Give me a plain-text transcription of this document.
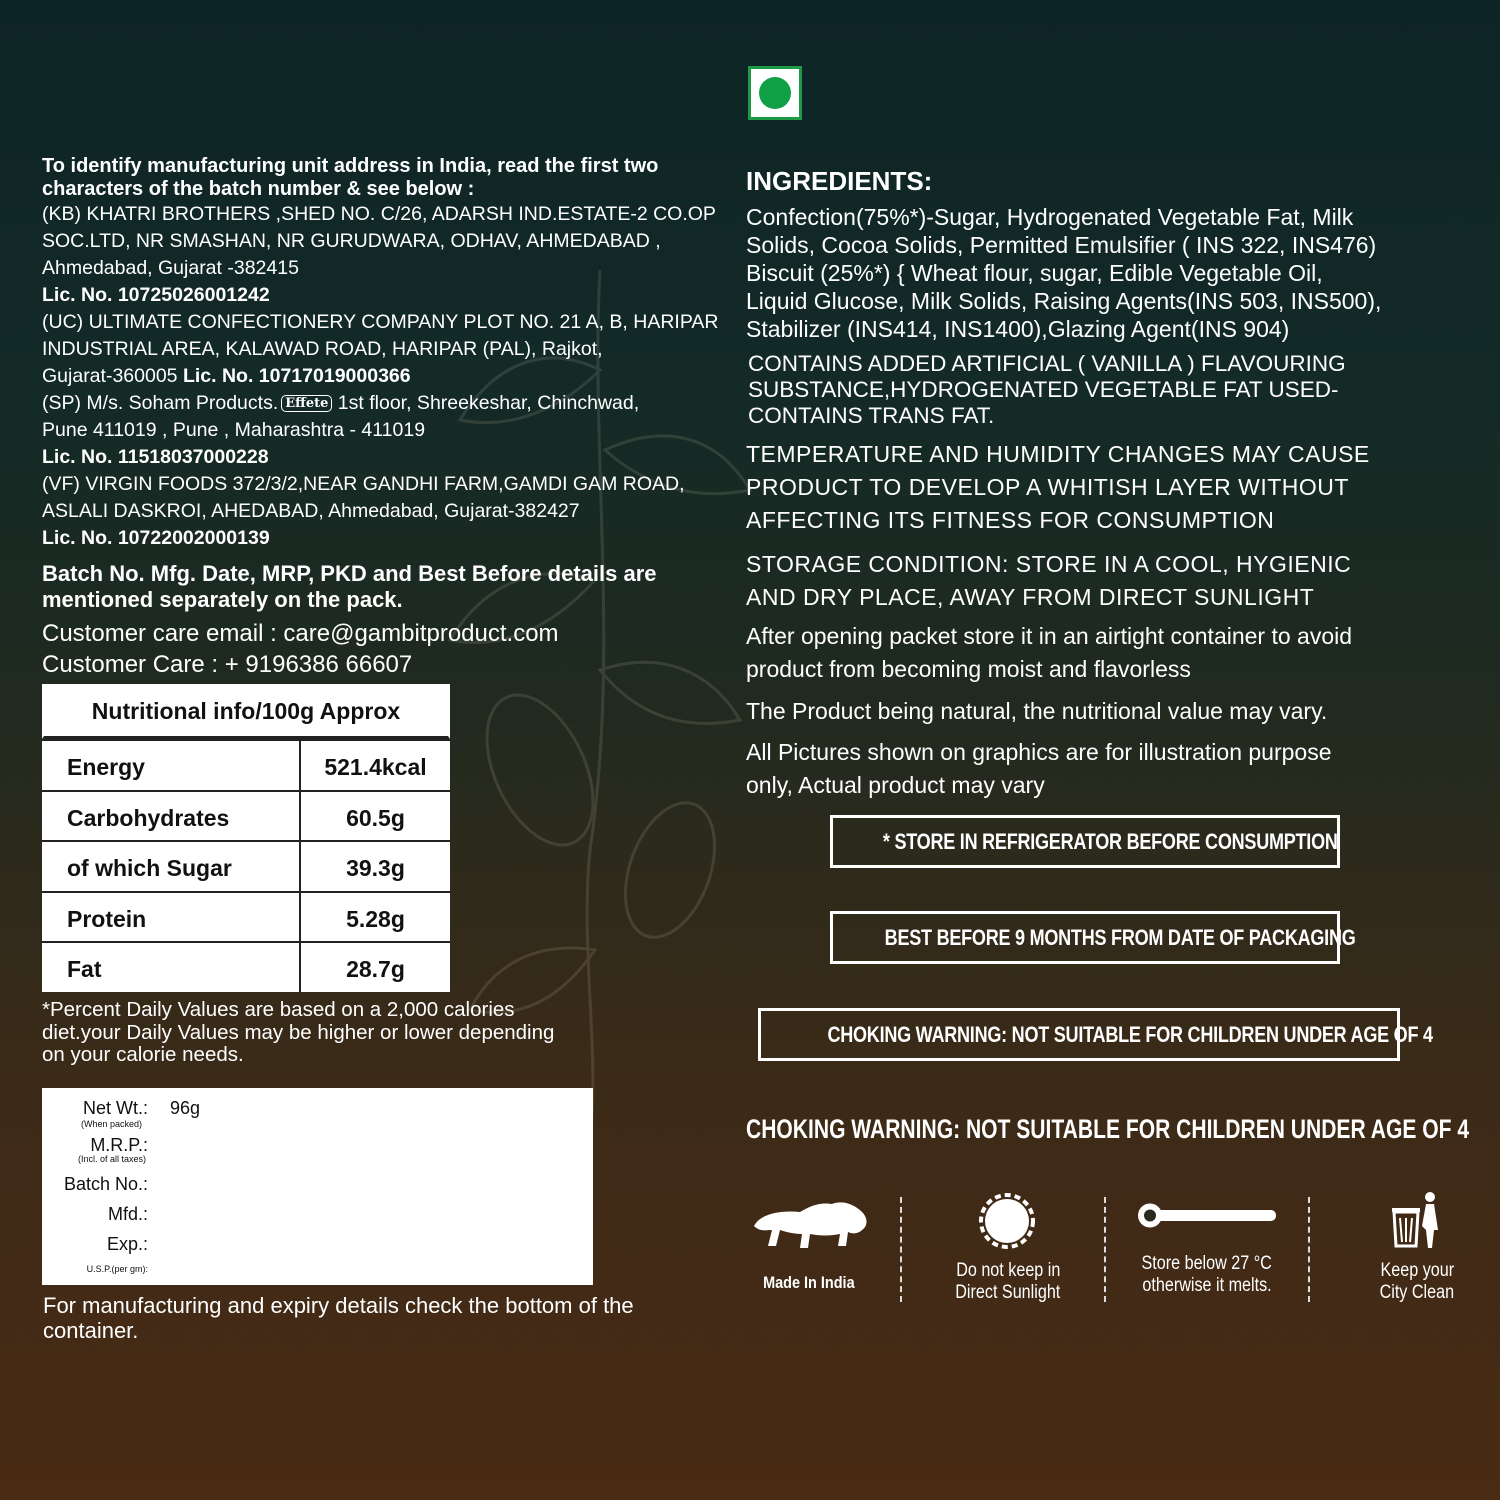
To identify manufacturing unit address in India, read the first two
characters of the batch number & see below :
(KB) KHATRI BROTHERS ,SHED NO. C/26, ADARSH IND.ESTATE-2 CO.OP
SOC.LTD, NR SMASHAN, NR GURUDWARA, ODHAV, AHMEDABAD ,
Ahmedabad, Gujarat -382415
Lic. No. 10725026001242
(UC) ULTIMATE CONFECTIONERY COMPANY PLOT NO. 21 A, B, HARIPAR
INDUSTRIAL AREA, KALAWAD ROAD, HARIPAR (PAL), Rajkot,
Gujarat-360005 Lic. No. 10717019000366
(SP) M/s. Soham Products. Effete 1st floor, Shreekeshar, Chinchwad,
Pune 411019 , Pune , Maharashtra - 411019
Lic. No. 11518037000228
(VF) VIRGIN FOODS 372/3/2,NEAR GANDHI FARM,GAMDI GAM ROAD,
ASLALI DASKROI, AHEDABAD, Ahmedabad, Gujarat-382427
Lic. No. 10722002000139
Batch No. Mfg. Date, MRP, PKD and Best Before details are
mentioned separately on the pack.
Customer care email : care@gambitproduct.com
Customer Care : + 9196386 66607
Nutritional info/100g Approx
Energy	521.4kcal
Carbohydrates	60.5g
of which Sugar	39.3g
Protein	5.28g
Fat	28.7g
*Percent Daily Values are based on a 2,000 calories
diet.your Daily Values may be higher or lower depending
on your calorie needs.
Net Wt.:
(When packed)
96g
M.R.P.:
(Incl. of all taxes)
Batch No.:
Mfd.:
Exp.:
U.S.P.(per gm):
For manufacturing and expiry details check the bottom of the
container.
INGREDIENTS:
Confection(75%*)-Sugar, Hydrogenated Vegetable Fat, Milk
Solids, Cocoa Solids, Permitted Emulsifier ( INS 322, INS476)
Biscuit (25%*) { Wheat flour, sugar, Edible Vegetable Oil,
Liquid Glucose, Milk Solids, Raising Agents(INS 503, INS500),
Stabilizer (INS414, INS1400),Glazing Agent(INS 904)
CONTAINS ADDED ARTIFICIAL ( VANILLA ) FLAVOURING
SUBSTANCE,HYDROGENATED VEGETABLE FAT USED-
CONTAINS TRANS FAT.
TEMPERATURE AND HUMIDITY CHANGES MAY CAUSE
PRODUCT TO DEVELOP A WHITISH LAYER WITHOUT
AFFECTING ITS FITNESS FOR CONSUMPTION
STORAGE CONDITION: STORE IN A COOL, HYGIENIC
AND DRY PLACE, AWAY FROM DIRECT SUNLIGHT
After opening packet store it in an airtight container to avoid
product from becoming moist and flavorless
The Product being natural, the nutritional value may vary.
All Pictures shown on graphics are for illustration purpose
only, Actual product may vary
* STORE IN REFRIGERATOR BEFORE CONSUMPTION
BEST BEFORE 9 MONTHS FROM DATE OF PACKAGING
CHOKING WARNING: NOT SUITABLE FOR CHILDREN UNDER AGE OF 4
CHOKING WARNING: NOT SUITABLE FOR CHILDREN UNDER AGE OF 4
Made In India
Do not keep in
Direct Sunlight
Store below 27 °C
otherwise it melts.
Keep your
City Clean
